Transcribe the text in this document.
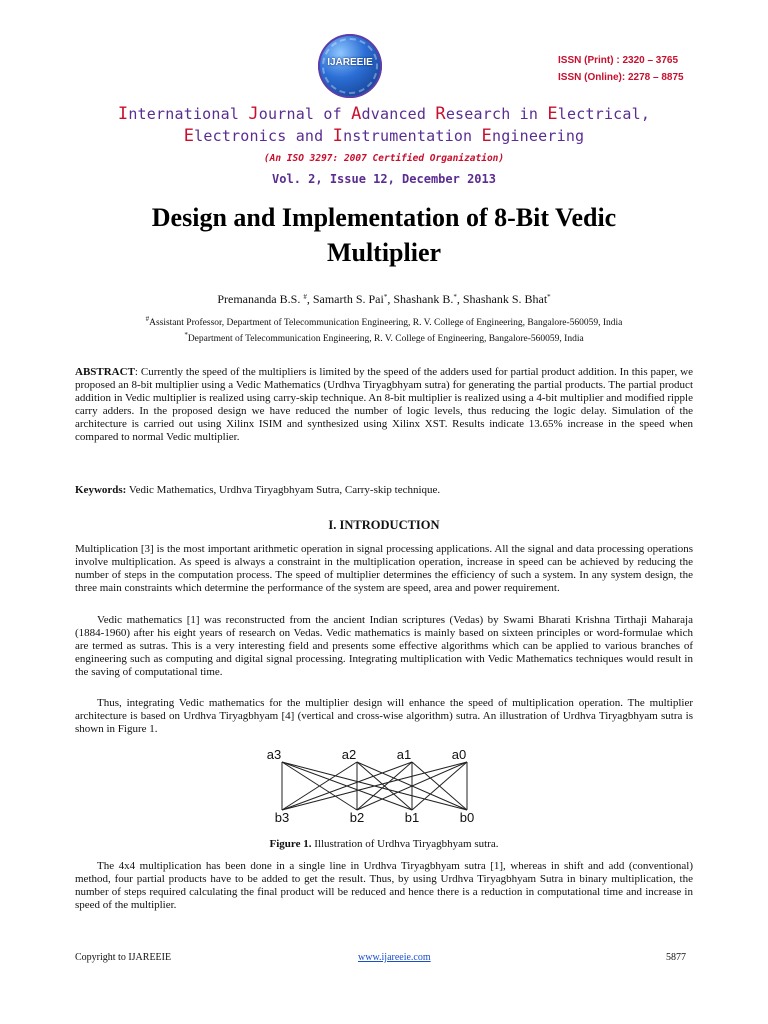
IJAREEIE	ISSN (Print) : 2320 – 3765
ISSN (Online): 2278 – 8875
International Journal of Advanced Research in Electrical,
Electronics and Instrumentation Engineering
(An ISO 3297: 2007 Certified Organization)
Vol. 2, Issue 12, December 2013
Design and Implementation of 8-Bit Vedic
Multiplier
Premananda B.S. #, Samarth S. Pai*, Shashank B.*, Shashank S. Bhat*
#Assistant Professor, Department of Telecommunication Engineering, R. V. College of Engineering, Bangalore-560059, India
*Department of Telecommunication Engineering, R. V. College of Engineering, Bangalore-560059, India
ABSTRACT: Currently the speed of the multipliers is limited by the speed of the adders used for partial product addition. In this paper, we proposed an 8-bit multiplier using a Vedic Mathematics (Urdhva Tiryagbhyam sutra) for generating the partial products. The partial product addition in Vedic multiplier is realized using carry-skip technique. An 8-bit multiplier is realized using a 4-bit multiplier and modified ripple carry adders. In the proposed design we have reduced the number of logic levels, thus reducing the logic delay. Simulation of the architecture is carried out using Xilinx ISIM and synthesized using Xilinx XST. Results indicate 13.65% increase in the speed when compared to normal Vedic multiplier.
Keywords: Vedic Mathematics, Urdhva Tiryagbhyam Sutra, Carry-skip technique.
I. INTRODUCTION
Multiplication [3] is the most important arithmetic operation in signal processing applications. All the signal and data processing operations involve multiplication. As speed is always a constraint in the multiplication operation, increase in speed can be achieved by reducing the number of steps in the computation process. The speed of multiplier determines the efficiency of such a system. In any system design, the three main constraints which determine the performance of the system are speed, area and power requirement.
Vedic mathematics [1] was reconstructed from the ancient Indian scriptures (Vedas) by Swami Bharati Krishna Tirthaji Maharaja (1884-1960) after his eight years of research on Vedas. Vedic mathematics is mainly based on sixteen principles or word-formulae which are termed as sutras. This is a very interesting field and presents some effective algorithms which can be applied to various branches of engineering such as computing and digital signal processing. Integrating multiplication with Vedic Mathematics techniques would result in the saving of computational time.
Thus, integrating Vedic mathematics for the multiplier design will enhance the speed of multiplication operation. The multiplier architecture is based on Urdhva Tiryagbhyam [4] (vertical and cross-wise algorithm) sutra. An illustration of Urdhva Tiryagbhyam sutra is shown in Figure 1.
a3	a2	a1	a0
b3	b2	b1	b0
Figure 1. Illustration of Urdhva Tiryagbhyam sutra.
The 4x4 multiplication has been done in a single line in Urdhva Tiryagbhyam sutra [1], whereas in shift and add (conventional) method, four partial products have to be added to get the result. Thus, by using Urdhva Tiryagbhyam Sutra in binary multiplication, the number of steps required calculating the final product will be reduced and hence there is a reduction in computational time and increase in speed of the multiplier.
Copyright to IJAREEIE	www.ijareeie.com	5877
